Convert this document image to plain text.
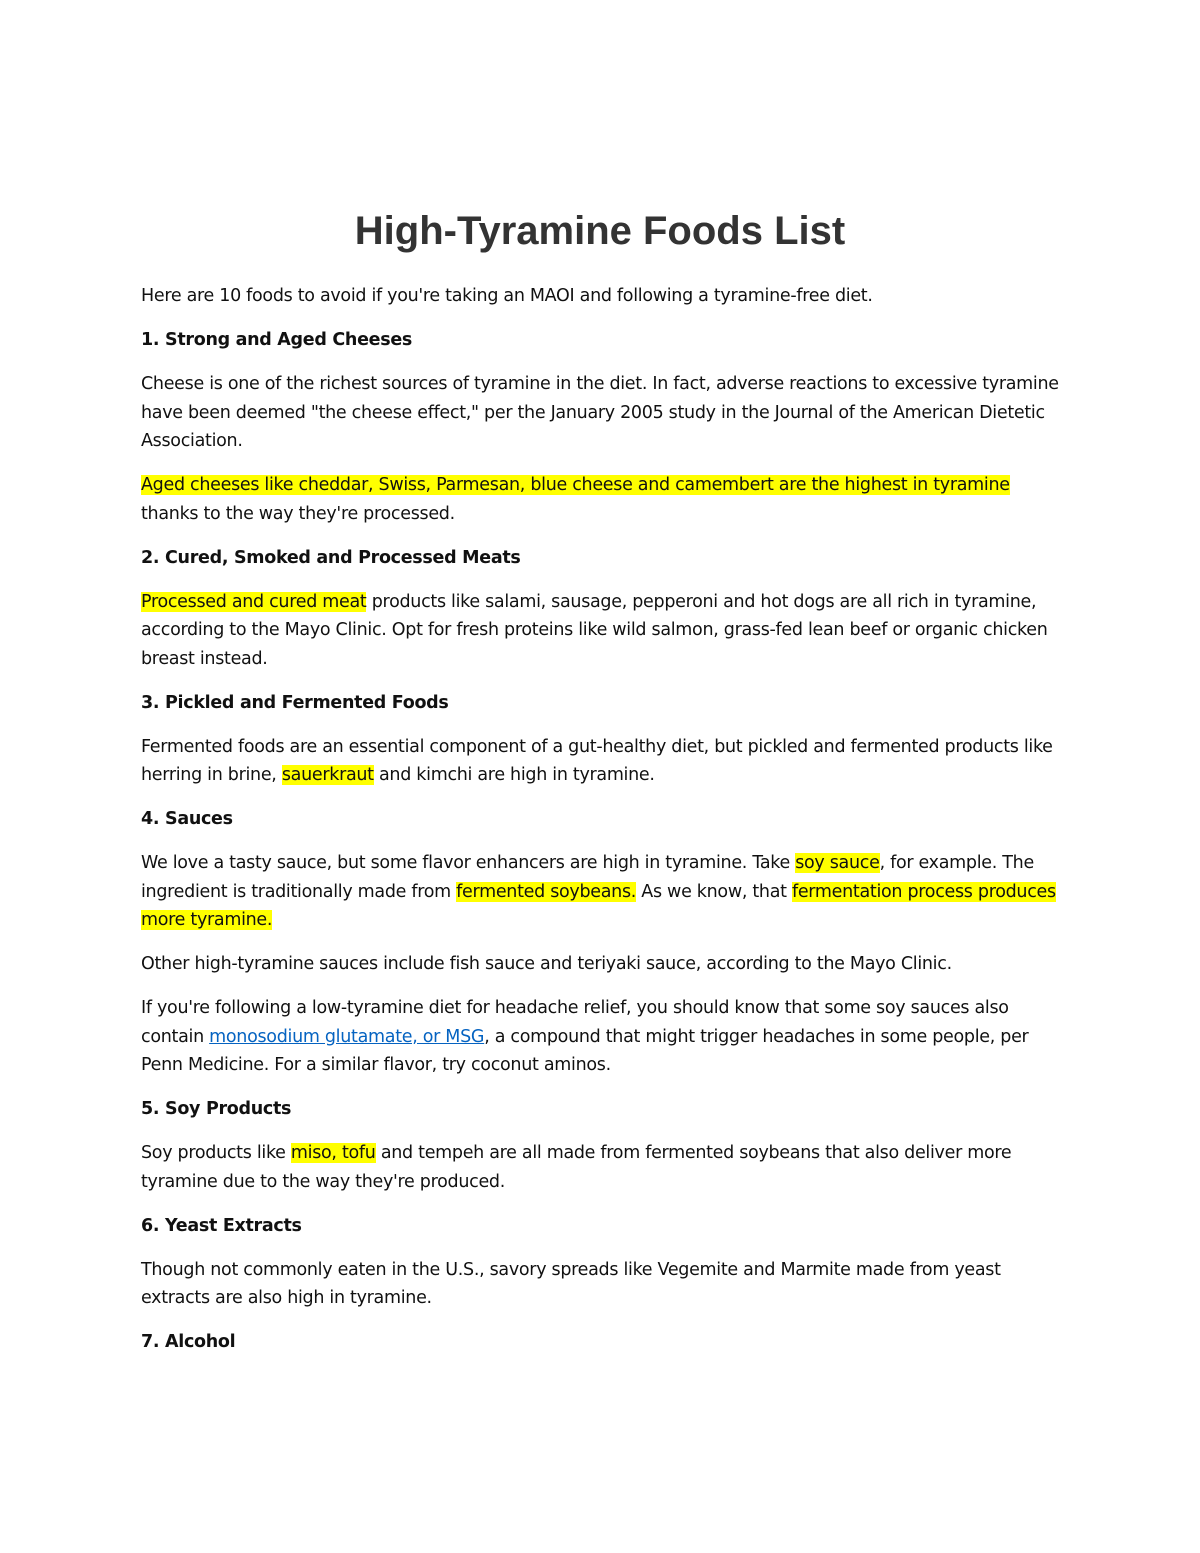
High-Tyramine Foods List

Here are 10 foods to avoid if you're taking an MAOI and following a tyramine-free diet.

1. Strong and Aged Cheeses

Cheese is one of the richest sources of tyramine in the diet. In fact, adverse reactions to excessive tyramine have been deemed "the cheese effect," per the January 2005 study in the Journal of the American Dietetic Association.

Aged cheeses like cheddar, Swiss, Parmesan, blue cheese and camembert are the highest in tyramine thanks to the way they're processed.

2. Cured, Smoked and Processed Meats

Processed and cured meat products like salami, sausage, pepperoni and hot dogs are all rich in tyramine, according to the Mayo Clinic. Opt for fresh proteins like wild salmon, grass-fed lean beef or organic chicken breast instead.

3. Pickled and Fermented Foods

Fermented foods are an essential component of a gut-healthy diet, but pickled and fermented products like herring in brine, sauerkraut and kimchi are high in tyramine.

4. Sauces

We love a tasty sauce, but some flavor enhancers are high in tyramine. Take soy sauce, for example. The ingredient is traditionally made from fermented soybeans. As we know, that fermentation process produces more tyramine.

Other high-tyramine sauces include fish sauce and teriyaki sauce, according to the Mayo Clinic.

If you're following a low-tyramine diet for headache relief, you should know that some soy sauces also contain monosodium glutamate, or MSG, a compound that might trigger headaches in some people, per Penn Medicine. For a similar flavor, try coconut aminos.

5. Soy Products

Soy products like miso, tofu and tempeh are all made from fermented soybeans that also deliver more tyramine due to the way they're produced.

6. Yeast Extracts

Though not commonly eaten in the U.S., savory spreads like Vegemite and Marmite made from yeast extracts are also high in tyramine.

7. Alcohol
